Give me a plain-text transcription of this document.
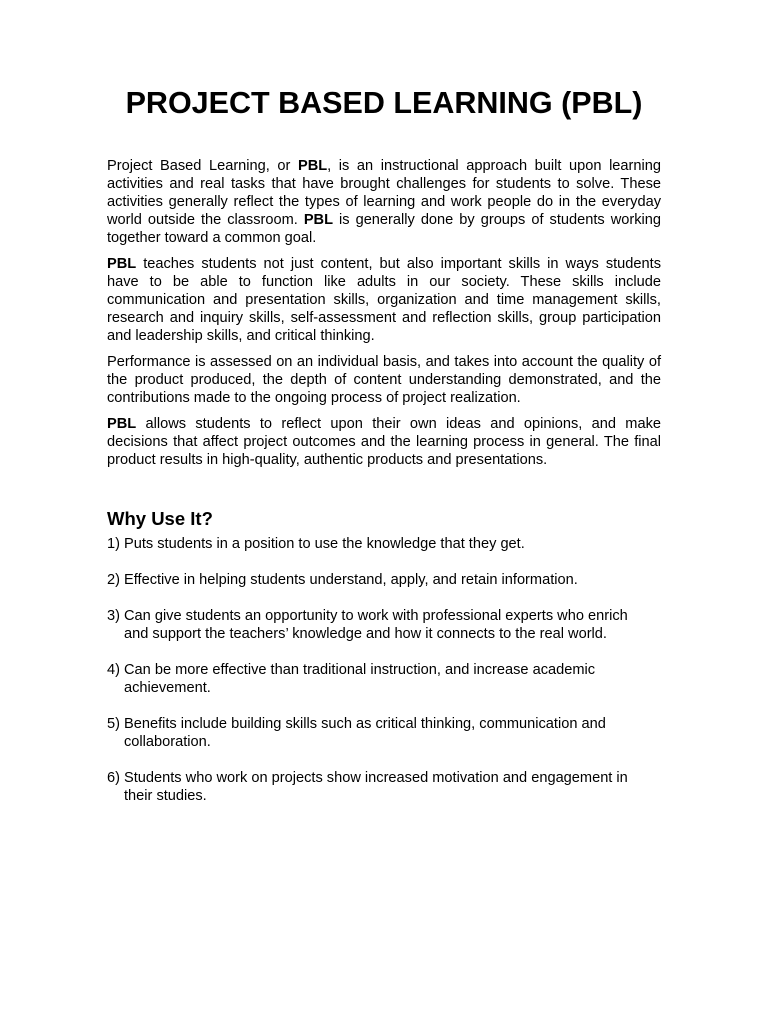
PROJECT BASED LEARNING (PBL)

Project Based Learning, or PBL, is an instructional approach built upon learning activities and real tasks that have brought challenges for students to solve. These activities generally reflect the types of learning and work people do in the everyday world outside the classroom. PBL is generally done by groups of students working together toward a common goal.

PBL teaches students not just content, but also important skills in ways students have to be able to function like adults in our society. These skills include communication and presentation skills, organization and time management skills, research and inquiry skills, self-assessment and reflection skills, group participation and leadership skills, and critical thinking.

Performance is assessed on an individual basis, and takes into account the quality of the product produced, the depth of content understanding demonstrated, and the contributions made to the ongoing process of project realization.

PBL allows students to reflect upon their own ideas and opinions, and make decisions that affect project outcomes and the learning process in general. The final product results in high-quality, authentic products and presentations.

Why Use It?
1) Puts students in a position to use the knowledge that they get.
2) Effective in helping students understand, apply, and retain information.
3) Can give students an opportunity to work with professional experts who enrich and support the teachers’ knowledge and how it connects to the real world.
4) Can be more effective than traditional instruction, and increase academic achievement.
5) Benefits include building skills such as critical thinking, communication and collaboration.
6) Students who work on projects show increased motivation and engagement in their studies.
